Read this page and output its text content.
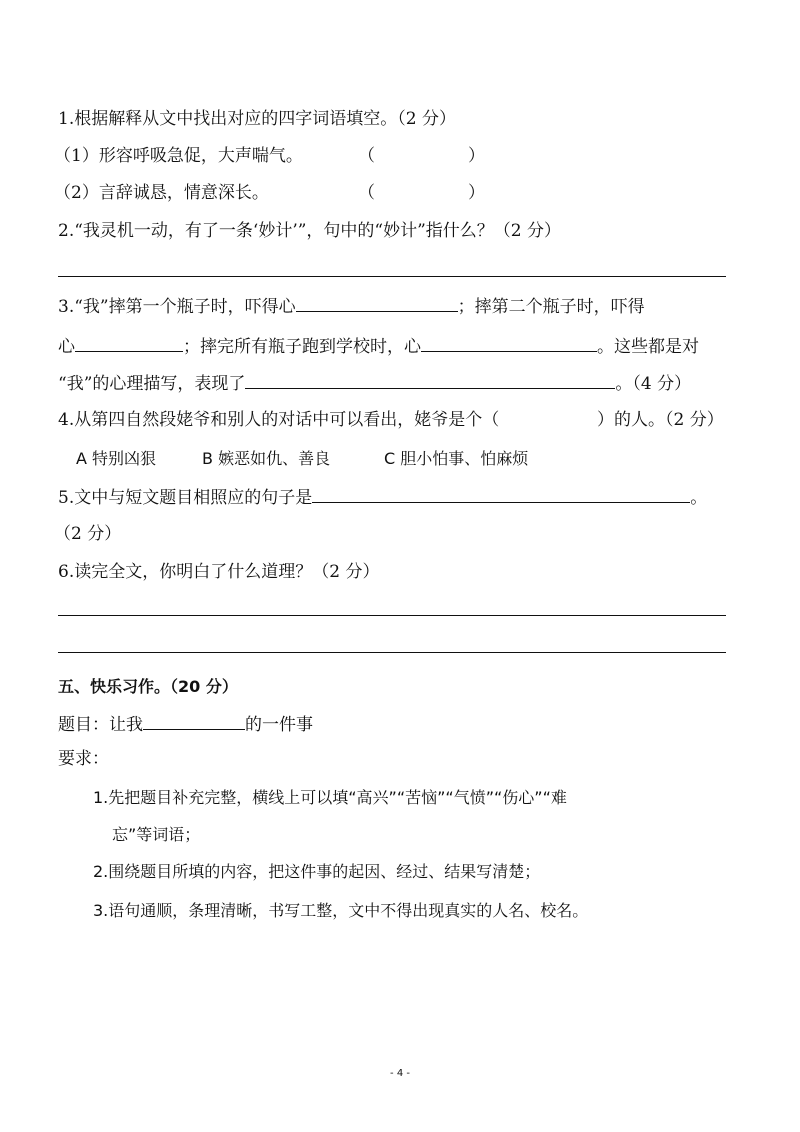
1.根据解释从文中找出对应的四字词语填空。（2 分）
（1）形容呼吸急促，大声喘气。	（	）
（2）言辞诚恳，情意深长。	（	）
2.“我灵机一动，有了一条‘妙计’”，句中的“妙计”指什么？（2 分）
3.“我”摔第一个瓶子时，吓得心	；摔第二个瓶子时，吓得
心	；摔完所有瓶子跑到学校时，心	。这些都是对
“我”的心理描写，表现了	。（4 分）
4.从第四自然段姥爷和别人的对话中可以看出，姥爷是个（	）的人。（2 分）
A 特别凶狠	B 嫉恶如仇、善良	C 胆小怕事、怕麻烦
5.文中与短文题目相照应的句子是	。
（2 分）
6.读完全文，你明白了什么道理？（2 分）
五、快乐习作。（20 分）
题目：让我	的一件事
要求：
1.先把题目补充完整，横线上可以填“高兴”“苦恼”“气愤”“伤心”“难
忘”等词语；
2.围绕题目所填的内容，把这件事的起因、经过、结果写清楚；
3.语句通顺，条理清晰，书写工整，文中不得出现真实的人名、校名。
- 4 -
